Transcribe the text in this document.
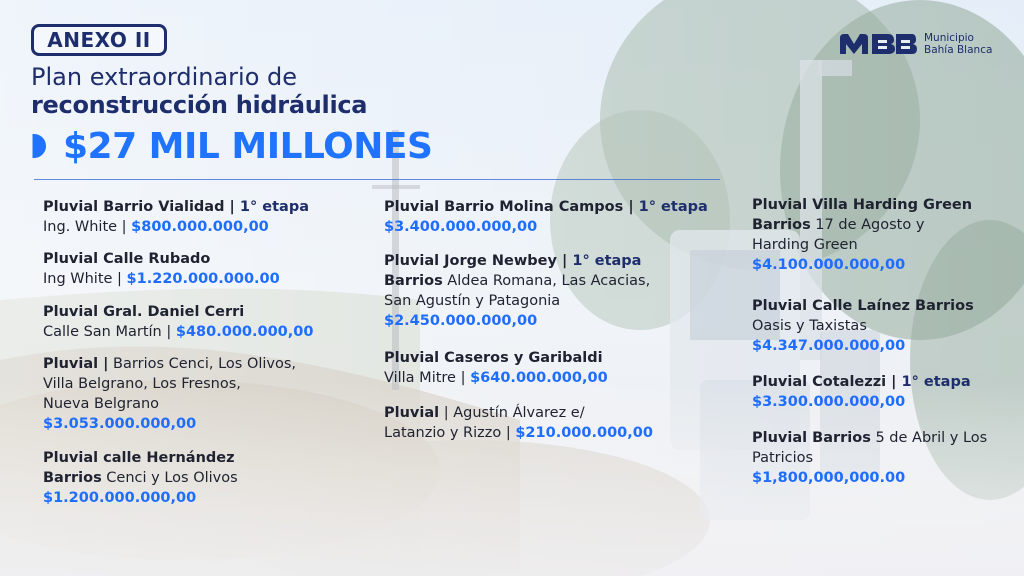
ANEXO II
Plan extraordinario de
reconstrucción hidráulica
$27 MIL MILLONES
Municipio
Bahía Blanca
Pluvial Barrio Vialidad | 1° etapa
Ing. White | $800.000.000,00
Pluvial Calle Rubado
Ing White | $1.220.000.000.00
Pluvial Gral. Daniel Cerri
Calle San Martín | $480.000.000,00
Pluvial | Barrios Cenci, Los Olivos,
Villa Belgrano, Los Fresnos,
Nueva Belgrano
$3.053.000.000,00
Pluvial calle Hernández
Barrios Cenci y Los Olivos
$1.200.000.000,00
Pluvial Barrio Molina Campos | 1° etapa
$3.400.000.000,00
Pluvial Jorge Newbey | 1° etapa
Barrios Aldea Romana, Las Acacias,
San Agustín y Patagonia
$2.450.000.000,00
Pluvial Caseros y Garibaldi
Villa Mitre | $640.000.000,00
Pluvial | Agustín Álvarez e/
Latanzio y Rizzo | $210.000.000,00
Pluvial Villa Harding Green
Barrios 17 de Agosto y
Harding Green
$4.100.000.000,00
Pluvial Calle Laínez Barrios
Oasis y Taxistas
$4.347.000.000,00
Pluvial Cotalezzi | 1° etapa
$3.300.000.000,00
Pluvial Barrios 5 de Abril y Los
Patricios
$1,800,000,000.00
